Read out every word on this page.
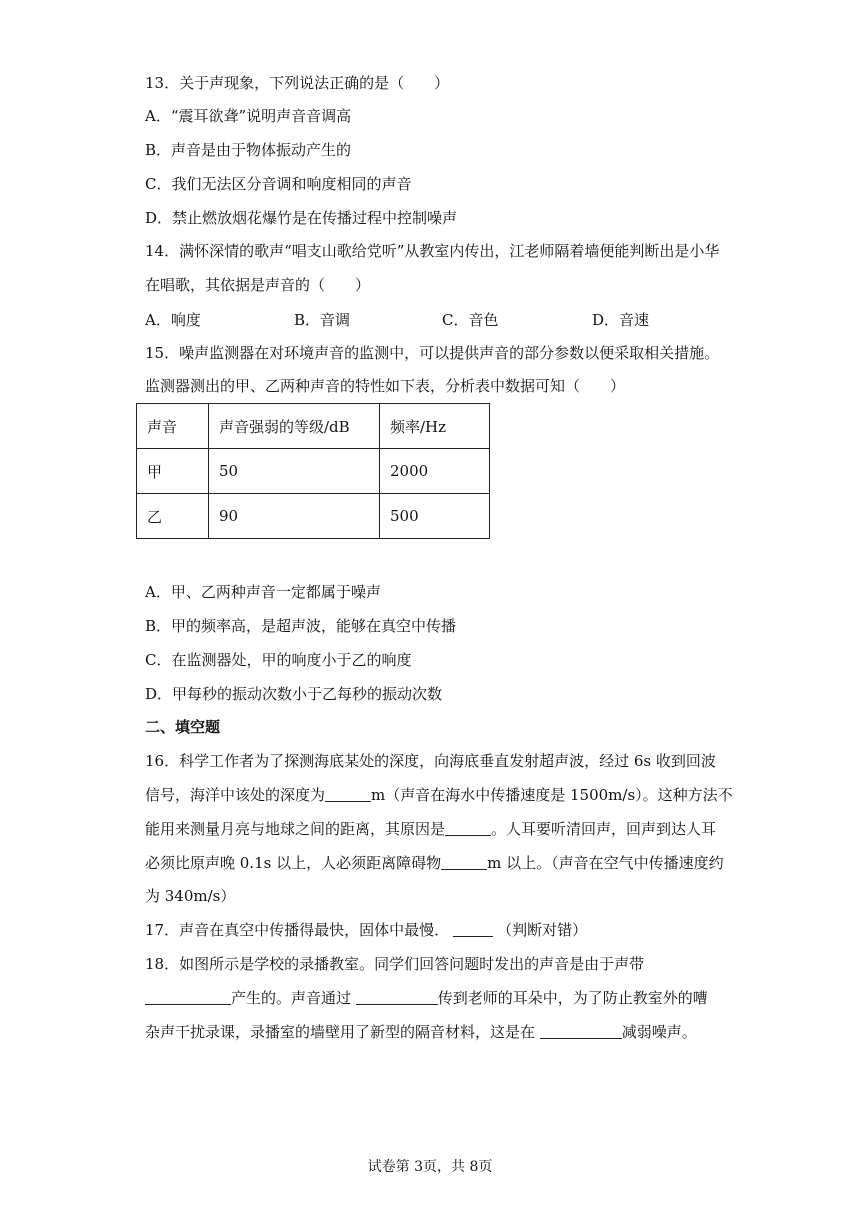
13．关于声现象，下列说法正确的是（　　）
A．“震耳欲聋”说明声音音调高
B．声音是由于物体振动产生的
C．我们无法区分音调和响度相同的声音
D．禁止燃放烟花爆竹是在传播过程中控制噪声
14．满怀深情的歌声“唱支山歌给党听”从教室内传出，江老师隔着墙便能判断出是小华
在唱歌，其依据是声音的（　　）
A．响度	B．音调	C．音色	D．音速
15．噪声监测器在对环境声音的监测中，可以提供声音的部分参数以便采取相关措施。
监测器测出的甲、乙两种声音的特性如下表，分析表中数据可知（　　）
声音	声音强弱的等级/dB	频率/Hz
甲	50	2000
乙	90	500
A．甲、乙两种声音一定都属于噪声
B．甲的频率高，是超声波，能够在真空中传播
C．在监测器处，甲的响度小于乙的响度
D．甲每秒的振动次数小于乙每秒的振动次数
二、填空题
16．科学工作者为了探测海底某处的深度，向海底垂直发射超声波，经过 6s 收到回波
信号，海洋中该处的深度为	m（声音在海水中传播速度是 1500m/s）。这种方法不
能用来测量月亮与地球之间的距离，其原因是	。人耳要听清回声，回声到达人耳
必须比原声晚 0.1s 以上，人必须距离障碍物	m 以上。（声音在空气中传播速度约
为 340m/s）
17．声音在真空中传播得最快，固体中最慢．	（判断对错）
18．如图所示是学校的录播教室。同学们回答问题时发出的声音是由于声带
产生的。声音通过	传到老师的耳朵中，为了防止教室外的嘈
杂声干扰录课，录播室的墙壁用了新型的隔音材料，这是在	减弱噪声。
试卷第 3页，共 8页
